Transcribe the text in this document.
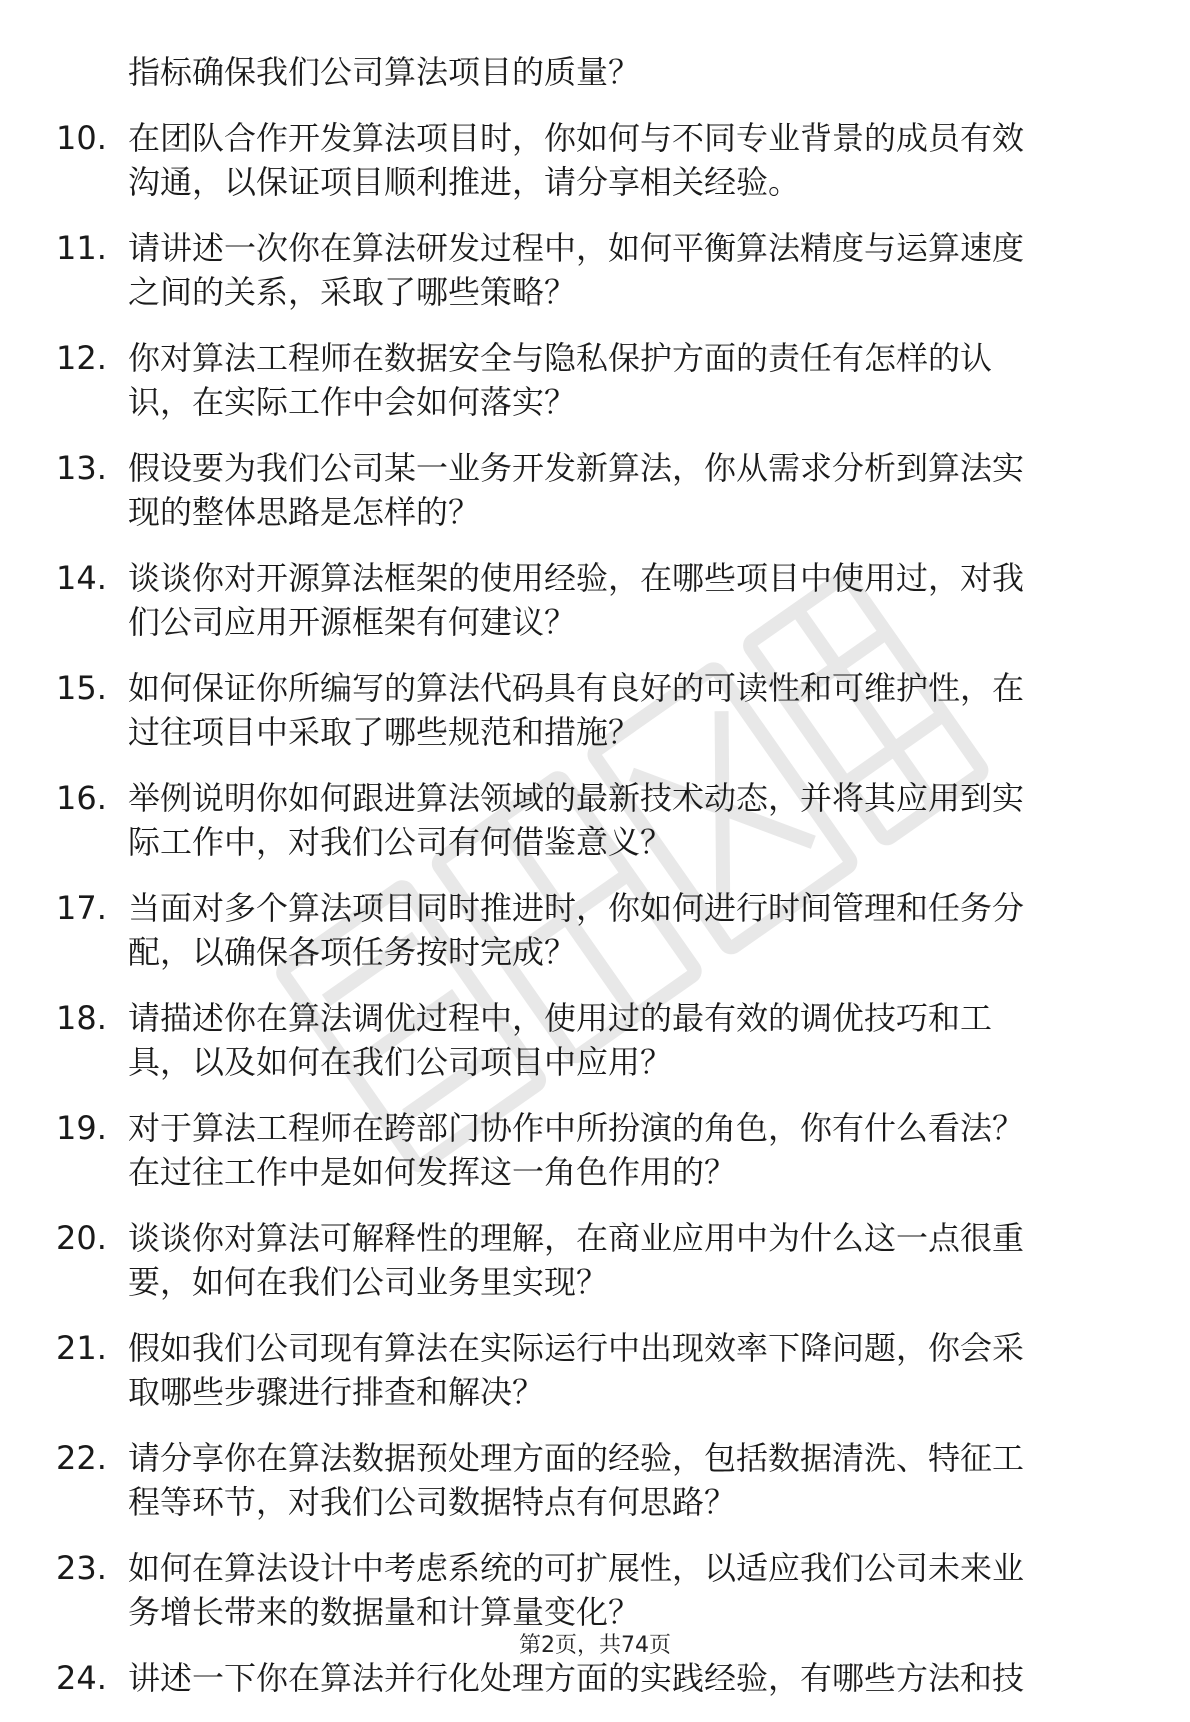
指标确保我们公司算法项目的质量？
10. 在团队合作开发算法项目时，你如何与不同专业背景的成员有效
沟通，以保证项目顺利推进，请分享相关经验。
11. 请讲述一次你在算法研发过程中，如何平衡算法精度与运算速度
之间的关系，采取了哪些策略？
12. 你对算法工程师在数据安全与隐私保护方面的责任有怎样的认
识，在实际工作中会如何落实？
13. 假设要为我们公司某一业务开发新算法，你从需求分析到算法实
现的整体思路是怎样的？
14. 谈谈你对开源算法框架的使用经验，在哪些项目中使用过，对我
们公司应用开源框架有何建议？
15. 如何保证你所编写的算法代码具有良好的可读性和可维护性，在
过往项目中采取了哪些规范和措施？
16. 举例说明你如何跟进算法领域的最新技术动态，并将其应用到实
际工作中，对我们公司有何借鉴意义？
17. 当面对多个算法项目同时推进时，你如何进行时间管理和任务分
配，以确保各项任务按时完成？
18. 请描述你在算法调优过程中，使用过的最有效的调优技巧和工
具，以及如何在我们公司项目中应用？
19. 对于算法工程师在跨部门协作中所扮演的角色，你有什么看法？
在过往工作中是如何发挥这一角色作用的？
20. 谈谈你对算法可解释性的理解，在商业应用中为什么这一点很重
要，如何在我们公司业务里实现？
21. 假如我们公司现有算法在实际运行中出现效率下降问题，你会采
取哪些步骤进行排查和解决？
22. 请分享你在算法数据预处理方面的经验，包括数据清洗、特征工
程等环节，对我们公司数据特点有何思路？
23. 如何在算法设计中考虑系统的可扩展性，以适应我们公司未来业
务增长带来的数据量和计算量变化？
24. 讲述一下你在算法并行化处理方面的实践经验，有哪些方法和技
第2页，共74页
